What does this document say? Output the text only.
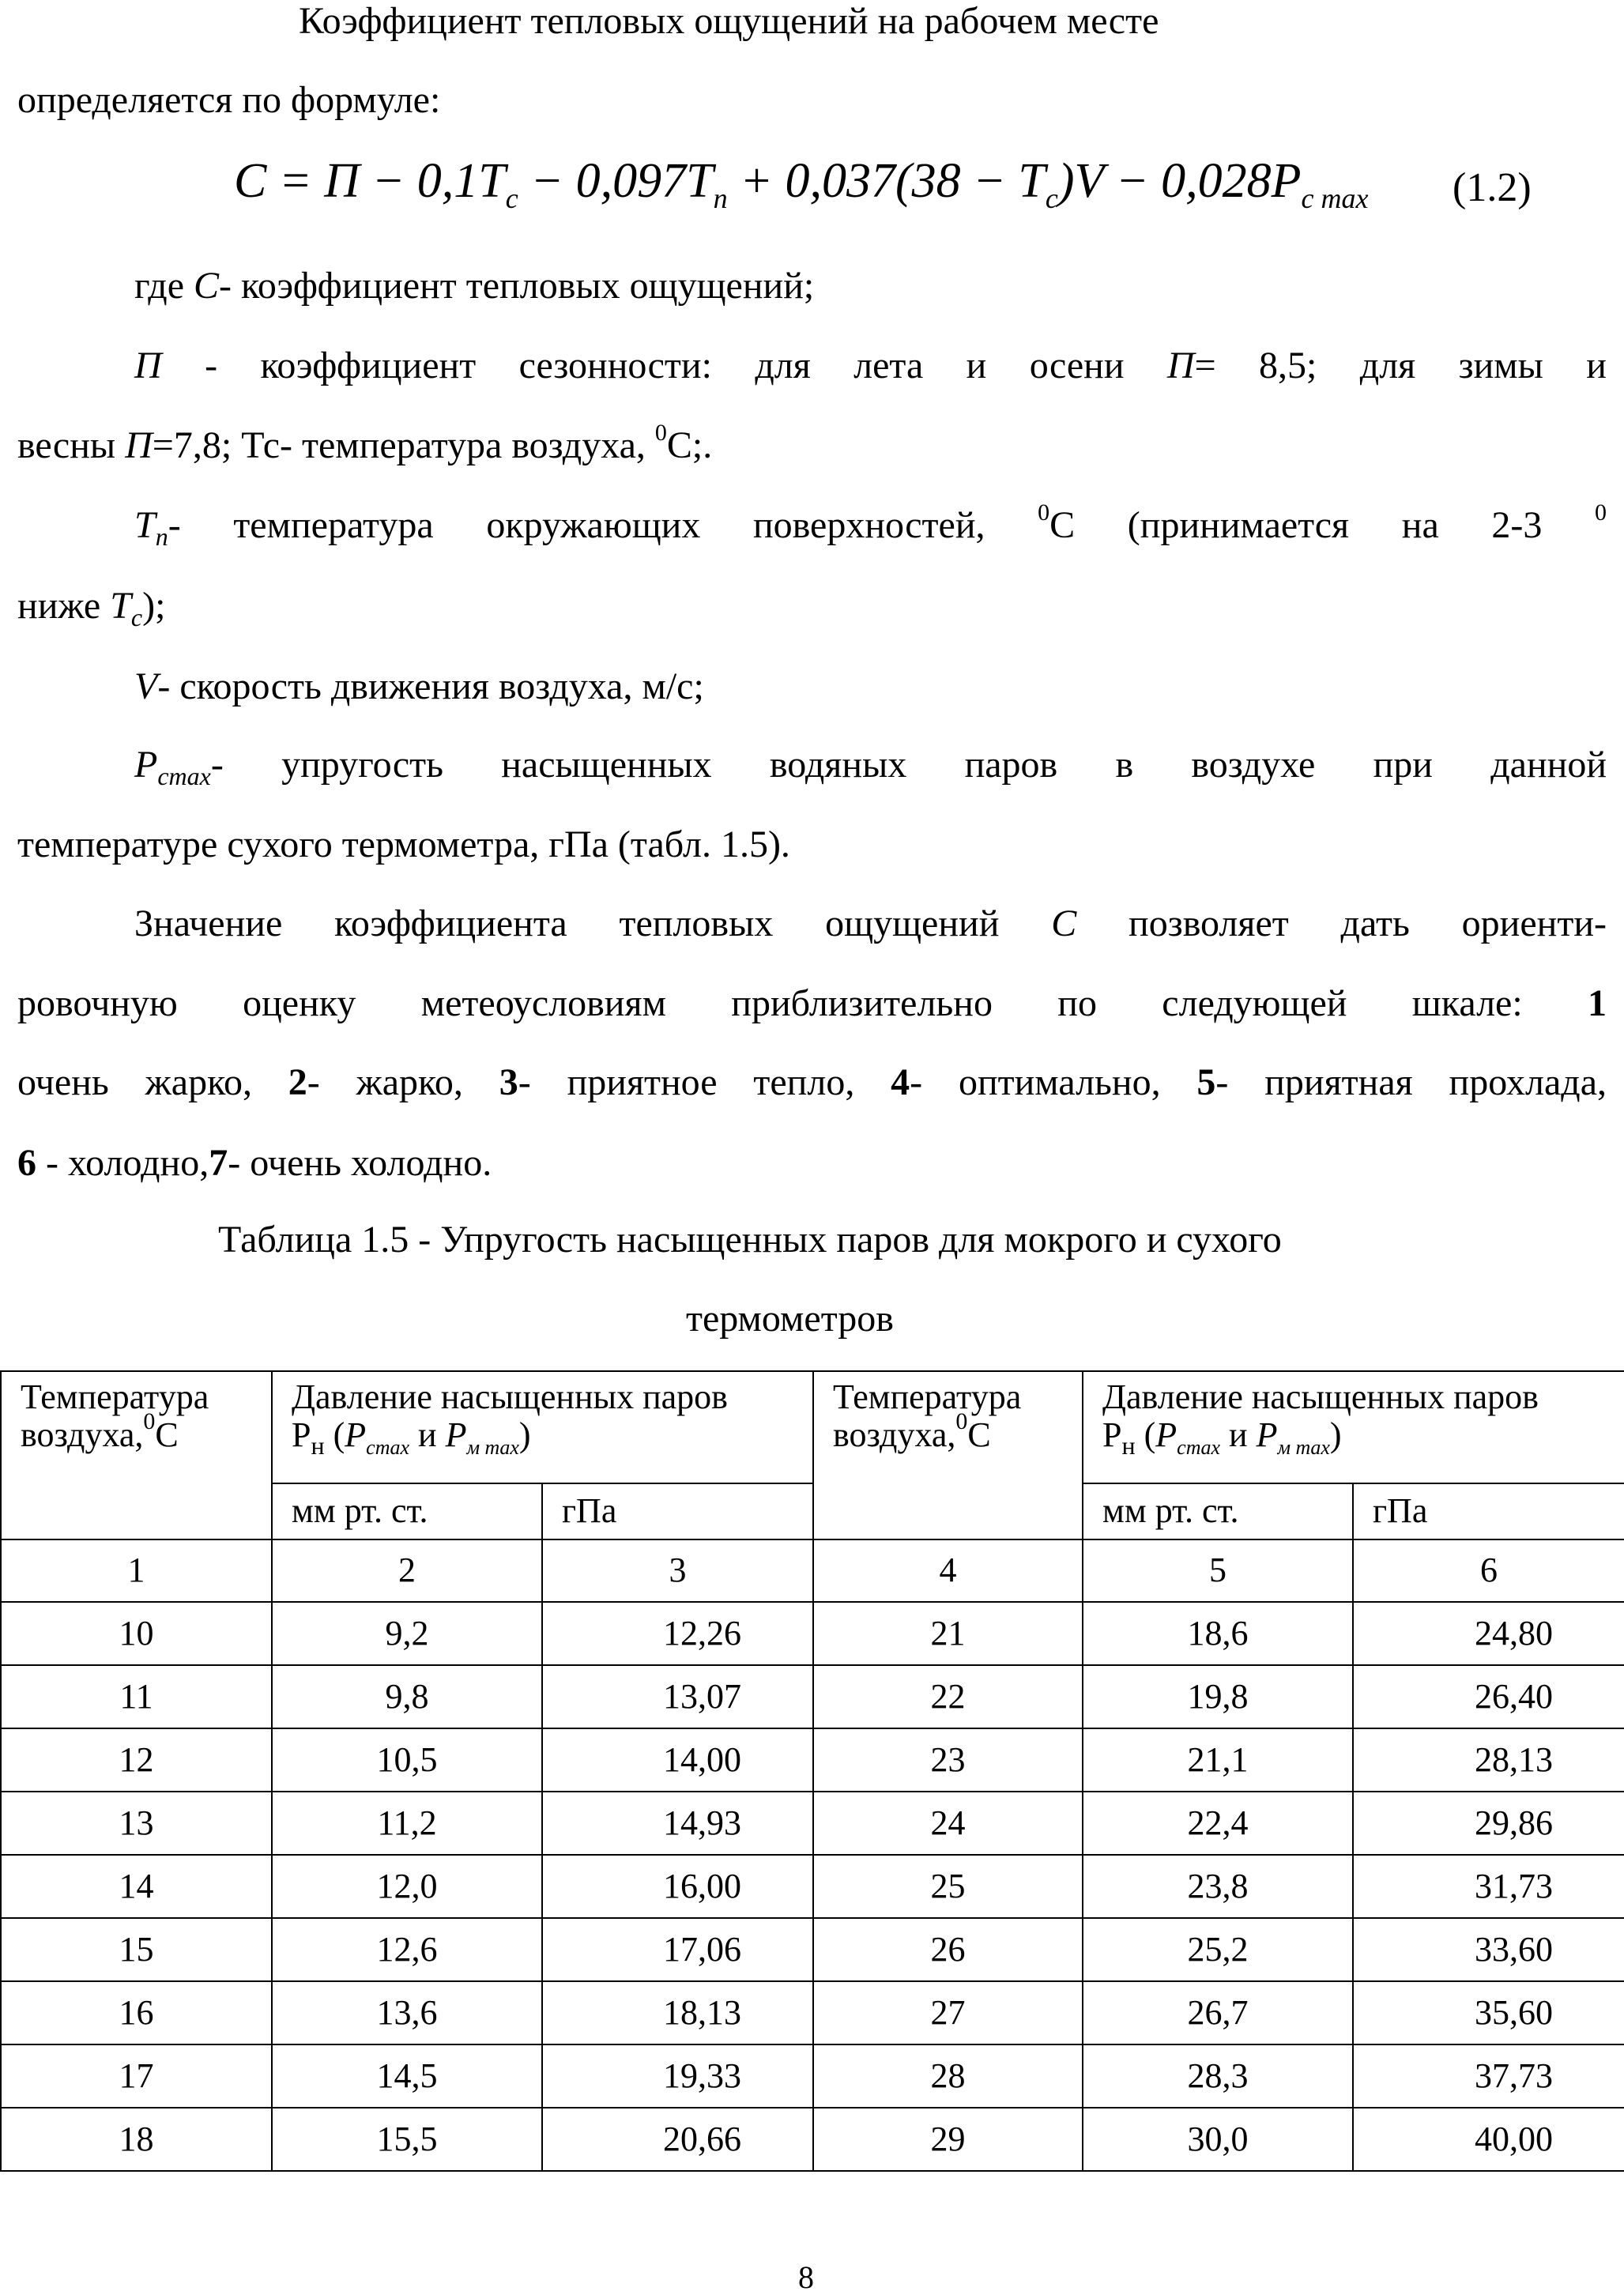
Коэффициент тепловых ощущений на рабочем месте

определяется по формуле:

$C = П - 0,1T_c - 0,097T_n + 0,037(38 - T_c)V - 0,028P_{c max}$ (1.2)

где C- коэффициент тепловых ощущений;

П - коэффициент сезонности: для лета и осени П= 8,5; для зимы и

весны П=7,8; Тс- температура воздуха, $^0$С;.

$T_n-$ температура окружающих поверхностей, $^0$С (принимается на 2-3 $^0$

ниже $T_c$);

V- скорость движения воздуха, м/с;

$P_{cmax}-$ упругость насыщенных водяных паров в воздухе при данной

температуре сухого термометра, гПа (табл. 1.5).

Значение коэффициента тепловых ощущений С позволяет дать ориенти-

ровочную оценку метеоусловиям приблизительно по следующей шкале: 1

очень жарко, 2- жарко, 3- приятное тепло, 4- оптимально, 5- приятная прохлада,

6 - холодно,7- очень холодно.

Таблица 1.5 - Упругость насыщенных паров для мокрого и сухого

термометров

Температура
воздуха,$^0$С	Давление насыщенных паров
$Р_н$ ($P_{cmax}$ и $P_{м max}$)		Температура
воздуха,$^0$С	Давление насыщенных паров
$Р_н$ ($P_{cmax}$ и $P_{м max}$)	
	мм рт. ст.	гПа		мм рт. ст.	гПа
1	2	3	4	5	6
10	9,2	12,26	21	18,6	24,80
11	9,8	13,07	22	19,8	26,40
12	10,5	14,00	23	21,1	28,13
13	11,2	14,93	24	22,4	29,86
14	12,0	16,00	25	23,8	31,73
15	12,6	17,06	26	25,2	33,60
16	13,6	18,13	27	26,7	35,60
17	14,5	19,33	28	28,3	37,73
18	15,5	20,66	29	30,0	40,00
8
